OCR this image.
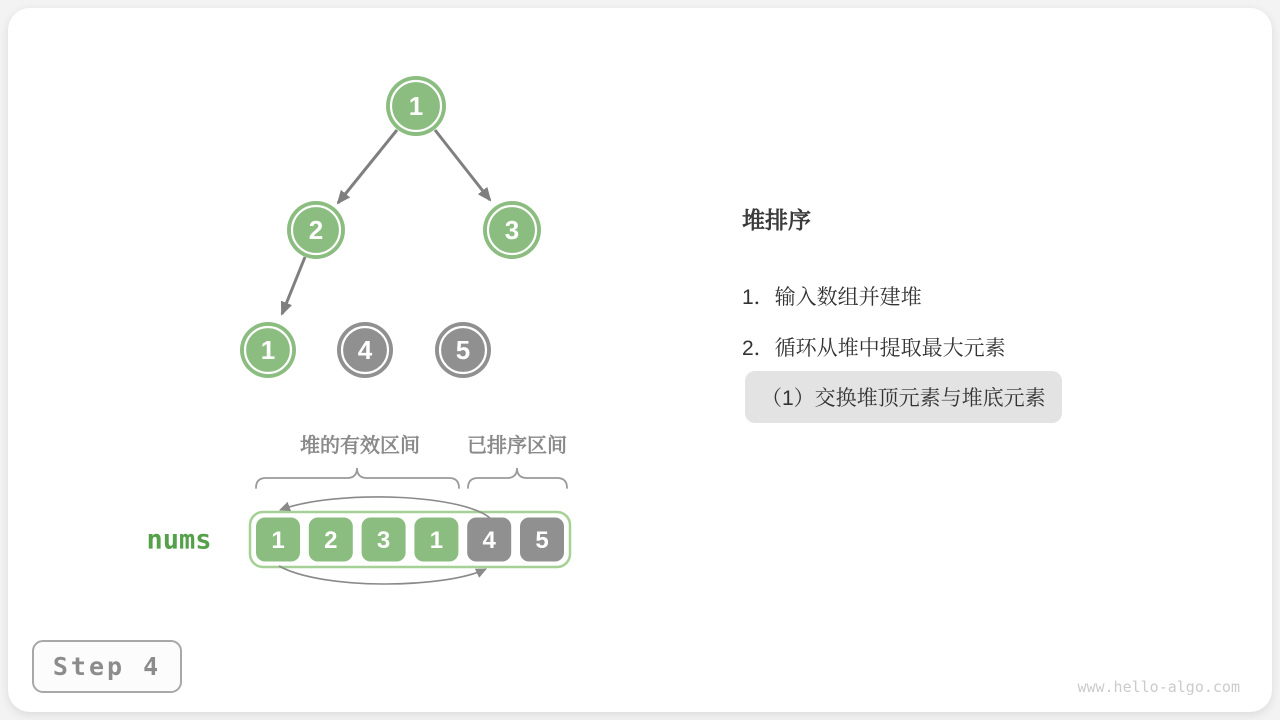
1
2	3
1	4	5
堆的有效区间 已排序区间
nums 1 2 3 1 4 5
堆排序
1．输入数组并建堆
2．循环从堆中提取最大元素
（1）交换堆顶元素与堆底元素
Step 4
www.hello-algo.com
